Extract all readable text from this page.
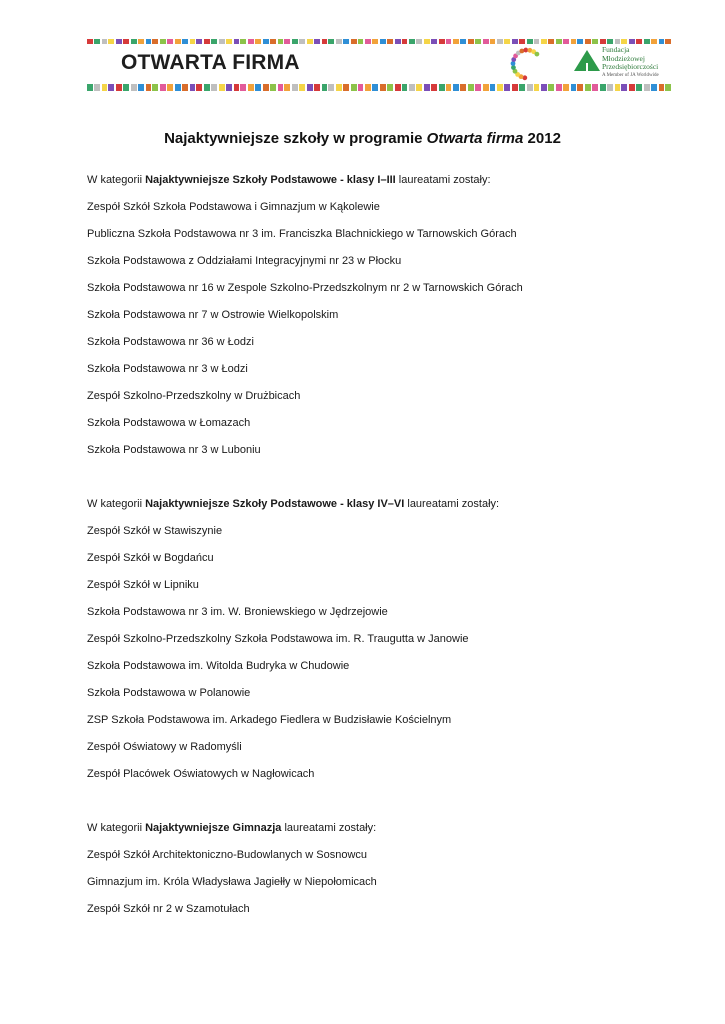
OTWARTA FIRMA
Fundacja
Młodzieżowej
Przedsiębiorczości
A Member of JA Worldwide
Najaktywniejsze szkoły w programie Otwarta firma 2012
W kategorii Najaktywniejsze Szkoły Podstawowe - klasy I–III laureatami zostały:
Zespół Szkół Szkoła Podstawowa i Gimnazjum w Kąkolewie
Publiczna Szkoła Podstawowa nr 3 im. Franciszka Blachnickiego w Tarnowskich Górach
Szkoła Podstawowa z Oddziałami Integracyjnymi nr 23 w Płocku
Szkoła Podstawowa nr 16 w Zespole Szkolno-Przedszkolnym nr 2 w Tarnowskich Górach
Szkoła Podstawowa nr 7 w Ostrowie Wielkopolskim
Szkoła Podstawowa nr 36 w Łodzi
Szkoła Podstawowa nr 3 w Łodzi
Zespół Szkolno-Przedszkolny w Drużbicach
Szkoła Podstawowa w Łomazach
Szkoła Podstawowa nr 3 w Luboniu
W kategorii Najaktywniejsze Szkoły Podstawowe - klasy IV–VI laureatami zostały:
Zespół Szkół w Stawiszynie
Zespół Szkół w Bogdańcu
Zespół Szkół w Lipniku
Szkoła Podstawowa nr 3 im. W. Broniewskiego w Jędrzejowie
Zespół Szkolno-Przedszkolny Szkoła Podstawowa im. R. Traugutta w Janowie
Szkoła Podstawowa im. Witolda Budryka w Chudowie
Szkoła Podstawowa w Polanowie
ZSP Szkoła Podstawowa im. Arkadego Fiedlera w Budzisławie Kościelnym
Zespół Oświatowy w Radomyśli
Zespół Placówek Oświatowych w Nagłowicach
W kategorii Najaktywniejsze Gimnazja laureatami zostały:
Zespół Szkół Architektoniczno-Budowlanych w Sosnowcu
Gimnazjum im. Króla Władysława Jagiełły w Niepołomicach
Zespół Szkół nr 2 w Szamotułach
